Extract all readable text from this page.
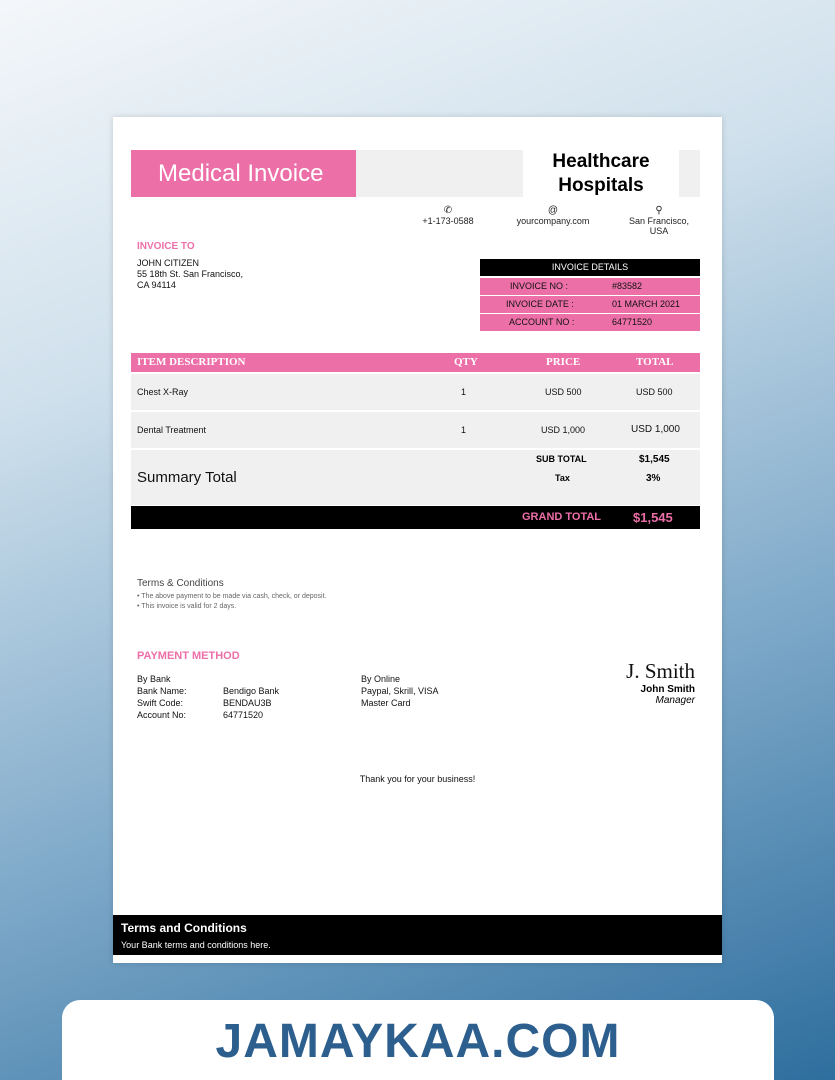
Medical Invoice	Healthcare
Hospitals
✆
+1-173-0588
@
yourcompany.com
⚲
San Francisco,
USA
INVOICE TO
JOHN CITIZEN
55 18th St. San Francisco,
CA 94114
INVOICE DETAILS
INVOICE NO :	#83582
INVOICE DATE :	01 MARCH 2021
ACCOUNT NO :	64771520
ITEM DESCRIPTION	QTY	PRICE	TOTAL
Chest X-Ray	1	USD 500	USD 500
Dental Treatment	1	USD 1,000	USD 1,000
Summary Total
SUB TOTAL	$1,545
Tax	3%
GRAND TOTAL $1,545
Terms & Conditions
• The above payment to be made via cash, check, or deposit.
• This invoice is valid for 2 days.
PAYMENT METHOD
By Bank
Bank Name:	Bendigo Bank
Swift Code:	BENDAU3B
Account No:	64771520
By Online
Paypal, Skrill, VISA
Master Card
J. Smith
John Smith
Manager
Thank you for your business!
Terms and Conditions
Your Bank terms and conditions here.
JAMAYKAA.COM
